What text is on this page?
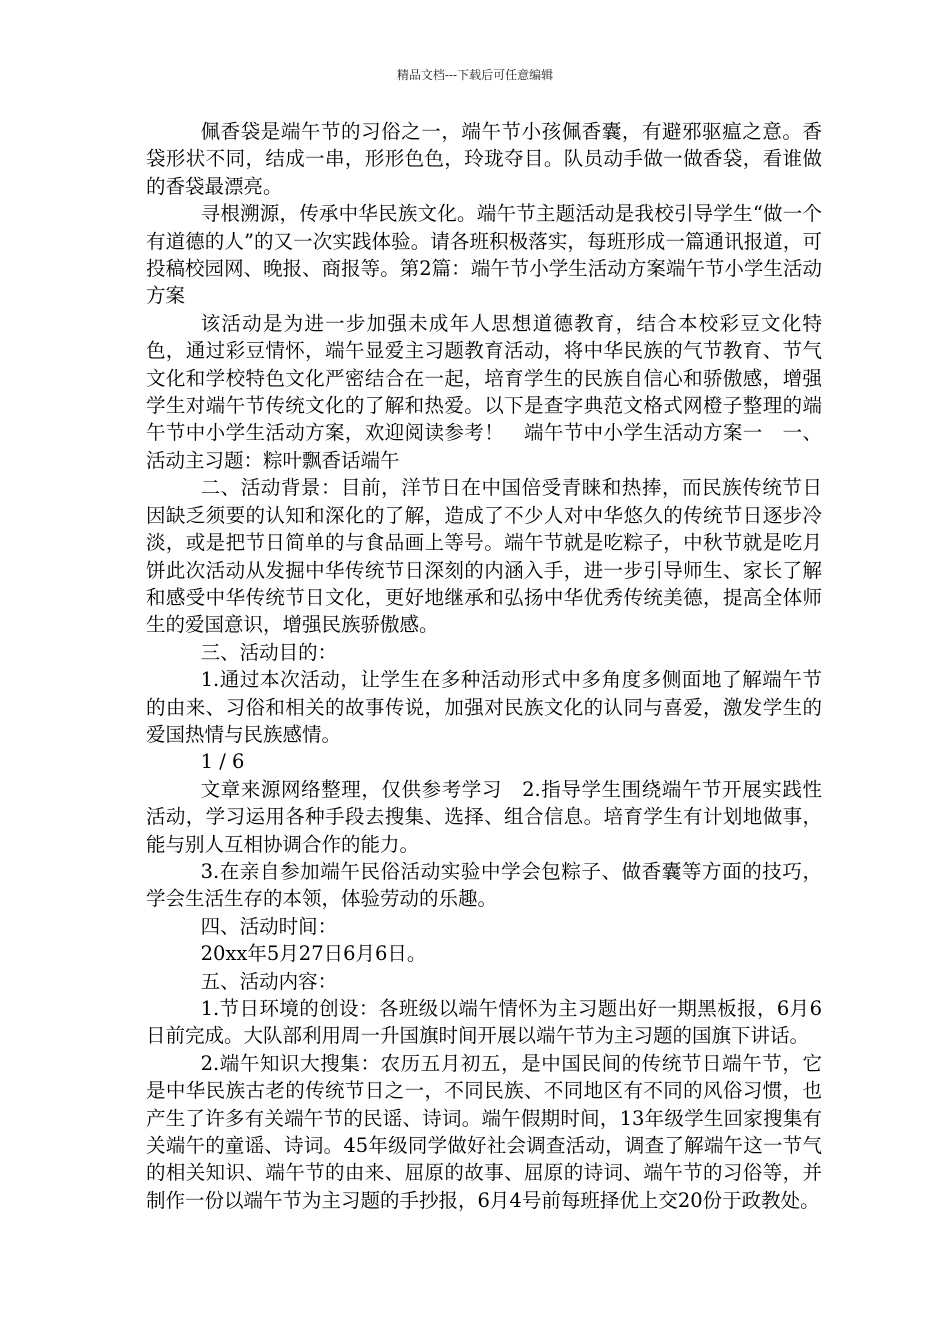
精品文档---下载后可任意编辑

佩香袋是端午节的习俗之一，端午节小孩佩香囊，有避邪驱瘟之意。香袋形状不同，结成一串，形形色色，玲珑夺目。队员动手做一做香袋，看谁做的香袋最漂亮。

寻根溯源，传承中华民族文化。端午节主题活动是我校引导学生“做一个有道德的人”的又一次实践体验。请各班积极落实，每班形成一篇通讯报道，可投稿校园网、晚报、商报等。第2篇：端午节小学生活动方案端午节小学生活动方案

该活动是为进一步加强未成年人思想道德教育，结合本校彩豆文化特色，通过彩豆情怀，端午显爱主习题教育活动，将中华民族的气节教育、节气文化和学校特色文化严密结合在一起，培育学生的民族自信心和骄傲感，增强学生对端午节传统文化的了解和热爱。以下是查字典范文格式网橙子整理的端午节中小学生活动方案，欢迎阅读参考！　端午节中小学生活动方案一　一、活动主习题：粽叶飘香话端午

二、活动背景：目前，洋节日在中国倍受青睐和热捧，而民族传统节日因缺乏须要的认知和深化的了解，造成了不少人对中华悠久的传统节日逐步冷淡，或是把节日简单的与食品画上等号。端午节就是吃粽子，中秋节就是吃月饼此次活动从发掘中华传统节日深刻的内涵入手，进一步引导师生、家长了解和感受中华传统节日文化，更好地继承和弘扬中华优秀传统美德，提高全体师生的爱国意识，增强民族骄傲感。

三、活动目的：

1.通过本次活动，让学生在多种活动形式中多角度多侧面地了解端午节的由来、习俗和相关的故事传说，加强对民族文化的认同与喜爱，激发学生的爱国热情与民族感情。

1 / 6

文章来源网络整理，仅供参考学习　2.指导学生围绕端午节开展实践性活动，学习运用各种手段去搜集、选择、组合信息。培育学生有计划地做事，能与别人互相协调合作的能力。

3.在亲自参加端午民俗活动实验中学会包粽子、做香囊等方面的技巧，学会生活生存的本领，体验劳动的乐趣。

四、活动时间：

20xx年5月27日6月6日。

五、活动内容：

1.节日环境的创设：各班级以端午情怀为主习题出好一期黑板报，6月6日前完成。大队部利用周一升国旗时间开展以端午节为主习题的国旗下讲话。

2.端午知识大搜集：农历五月初五，是中国民间的传统节日端午节，它是中华民族古老的传统节日之一，不同民族、不同地区有不同的风俗习惯，也产生了许多有关端午节的民谣、诗词。端午假期时间，13年级学生回家搜集有关端午的童谣、诗词。45年级同学做好社会调查活动，调查了解端午这一节气的相关知识、端午节的由来、屈原的故事、屈原的诗词、端午节的习俗等，并制作一份以端午节为主习题的手抄报，6月4号前每班择优上交20份于政教处。
